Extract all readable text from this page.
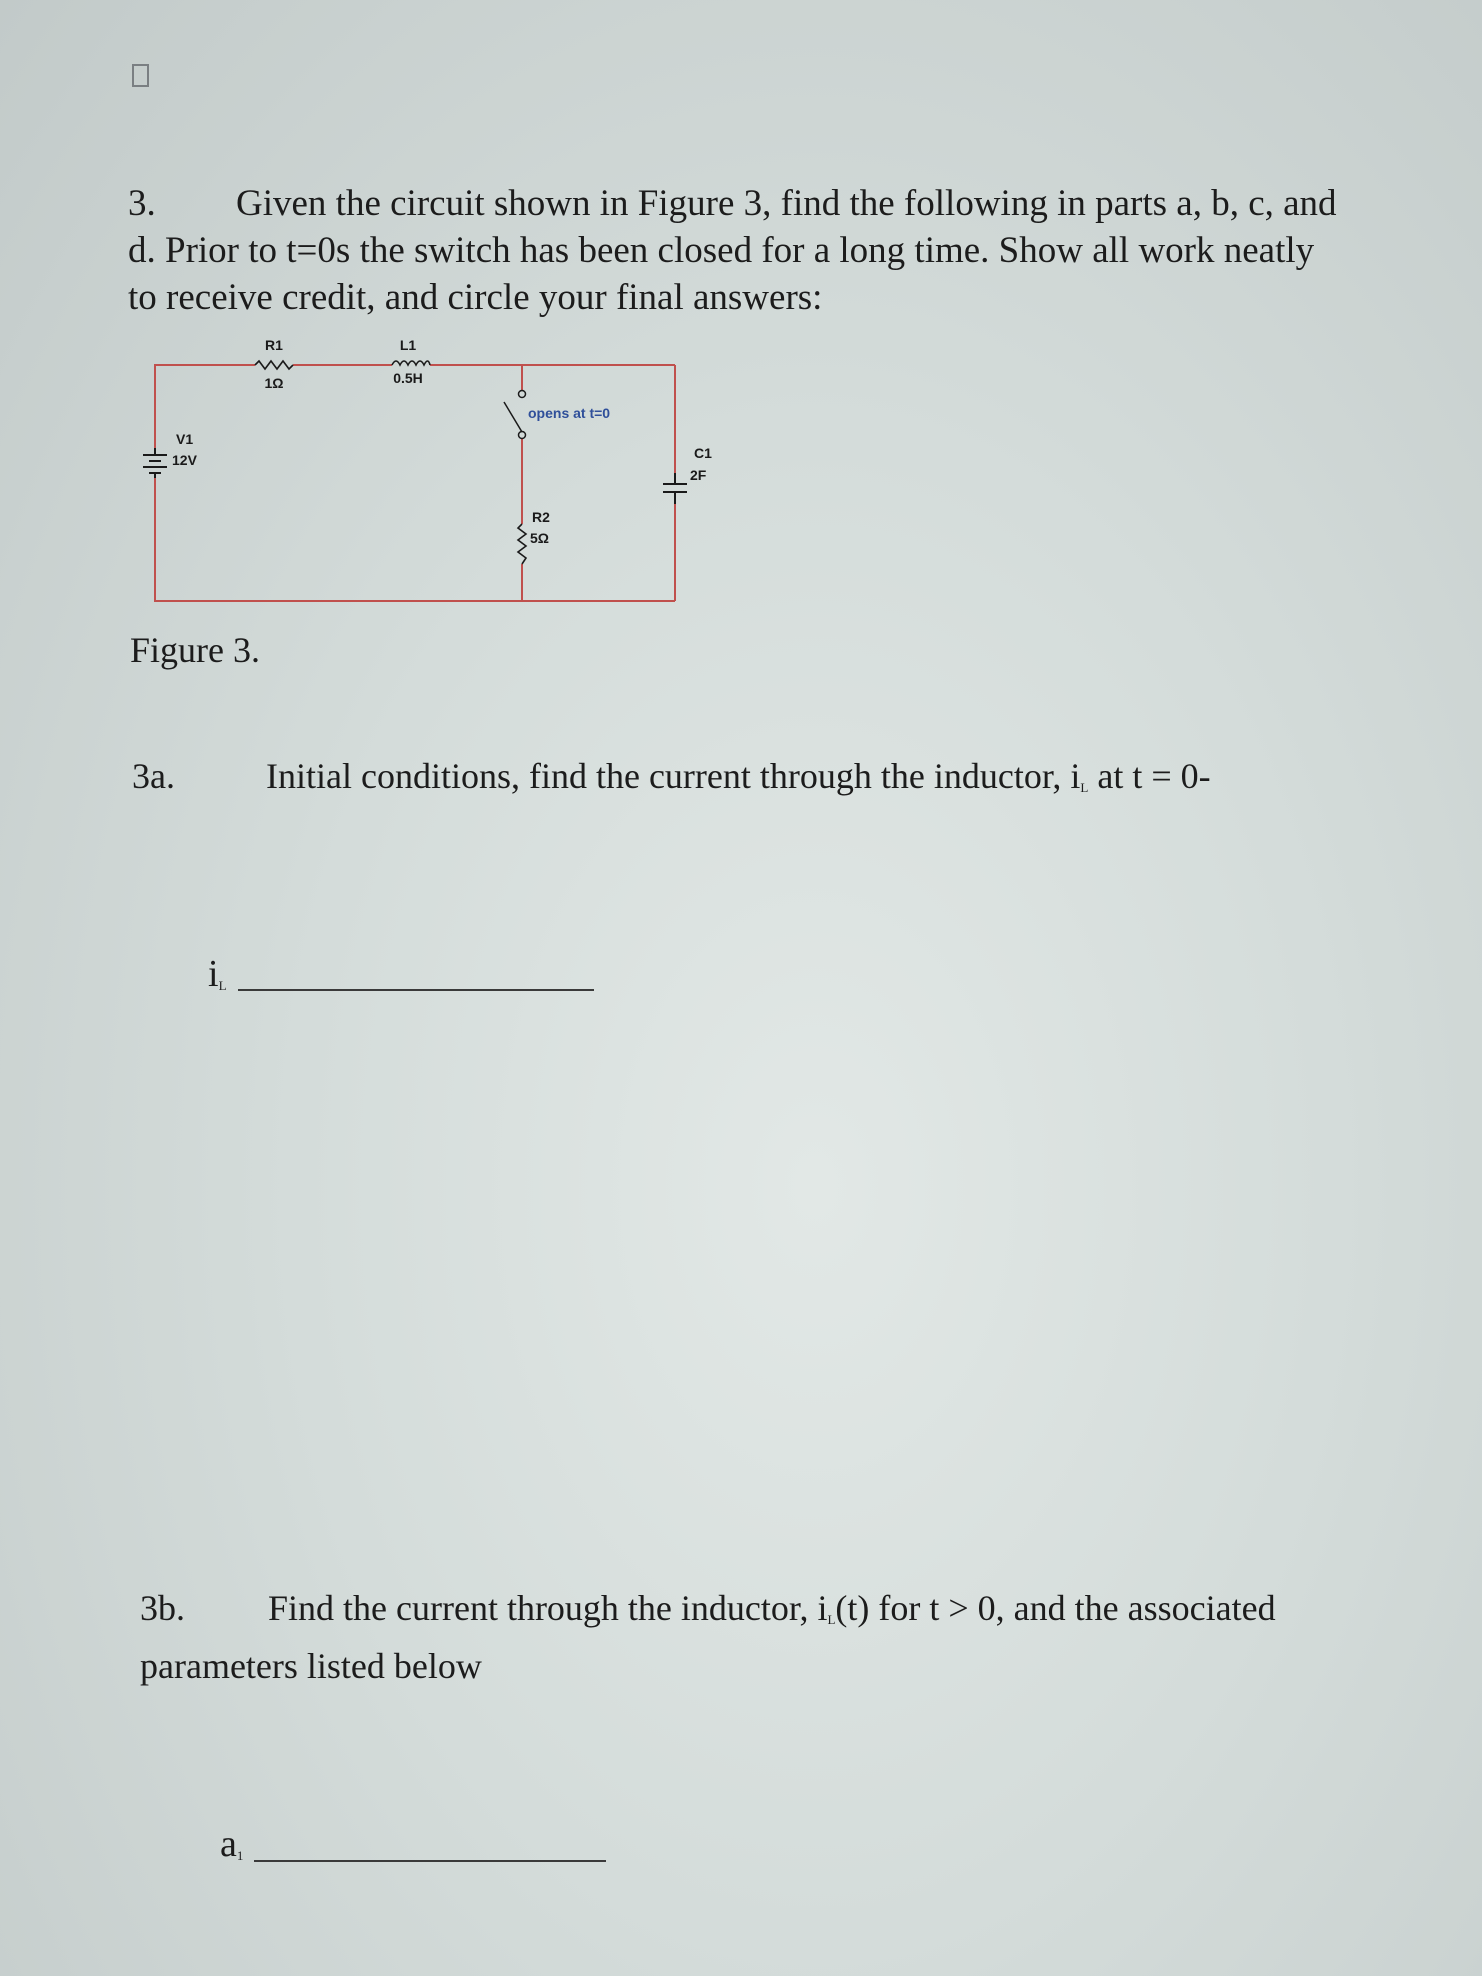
3. Given the circuit shown in Figure 3, find the following in parts a, b, c, and d. Prior to t=0s the switch has been closed for a long time. Show all work neatly to receive credit, and circle your final answers:

R1
1Ω
L1
0.5H
V1
12V
opens at t=0
R2
5Ω
C1
2F

Figure 3.

3a.	Initial conditions, find the current through the inductor, $i_L$ at t = 0-

$i_L$

3b. Find the current through the inductor, $i_L(t)$ for t > 0, and the associated parameters listed below

$a_1$
